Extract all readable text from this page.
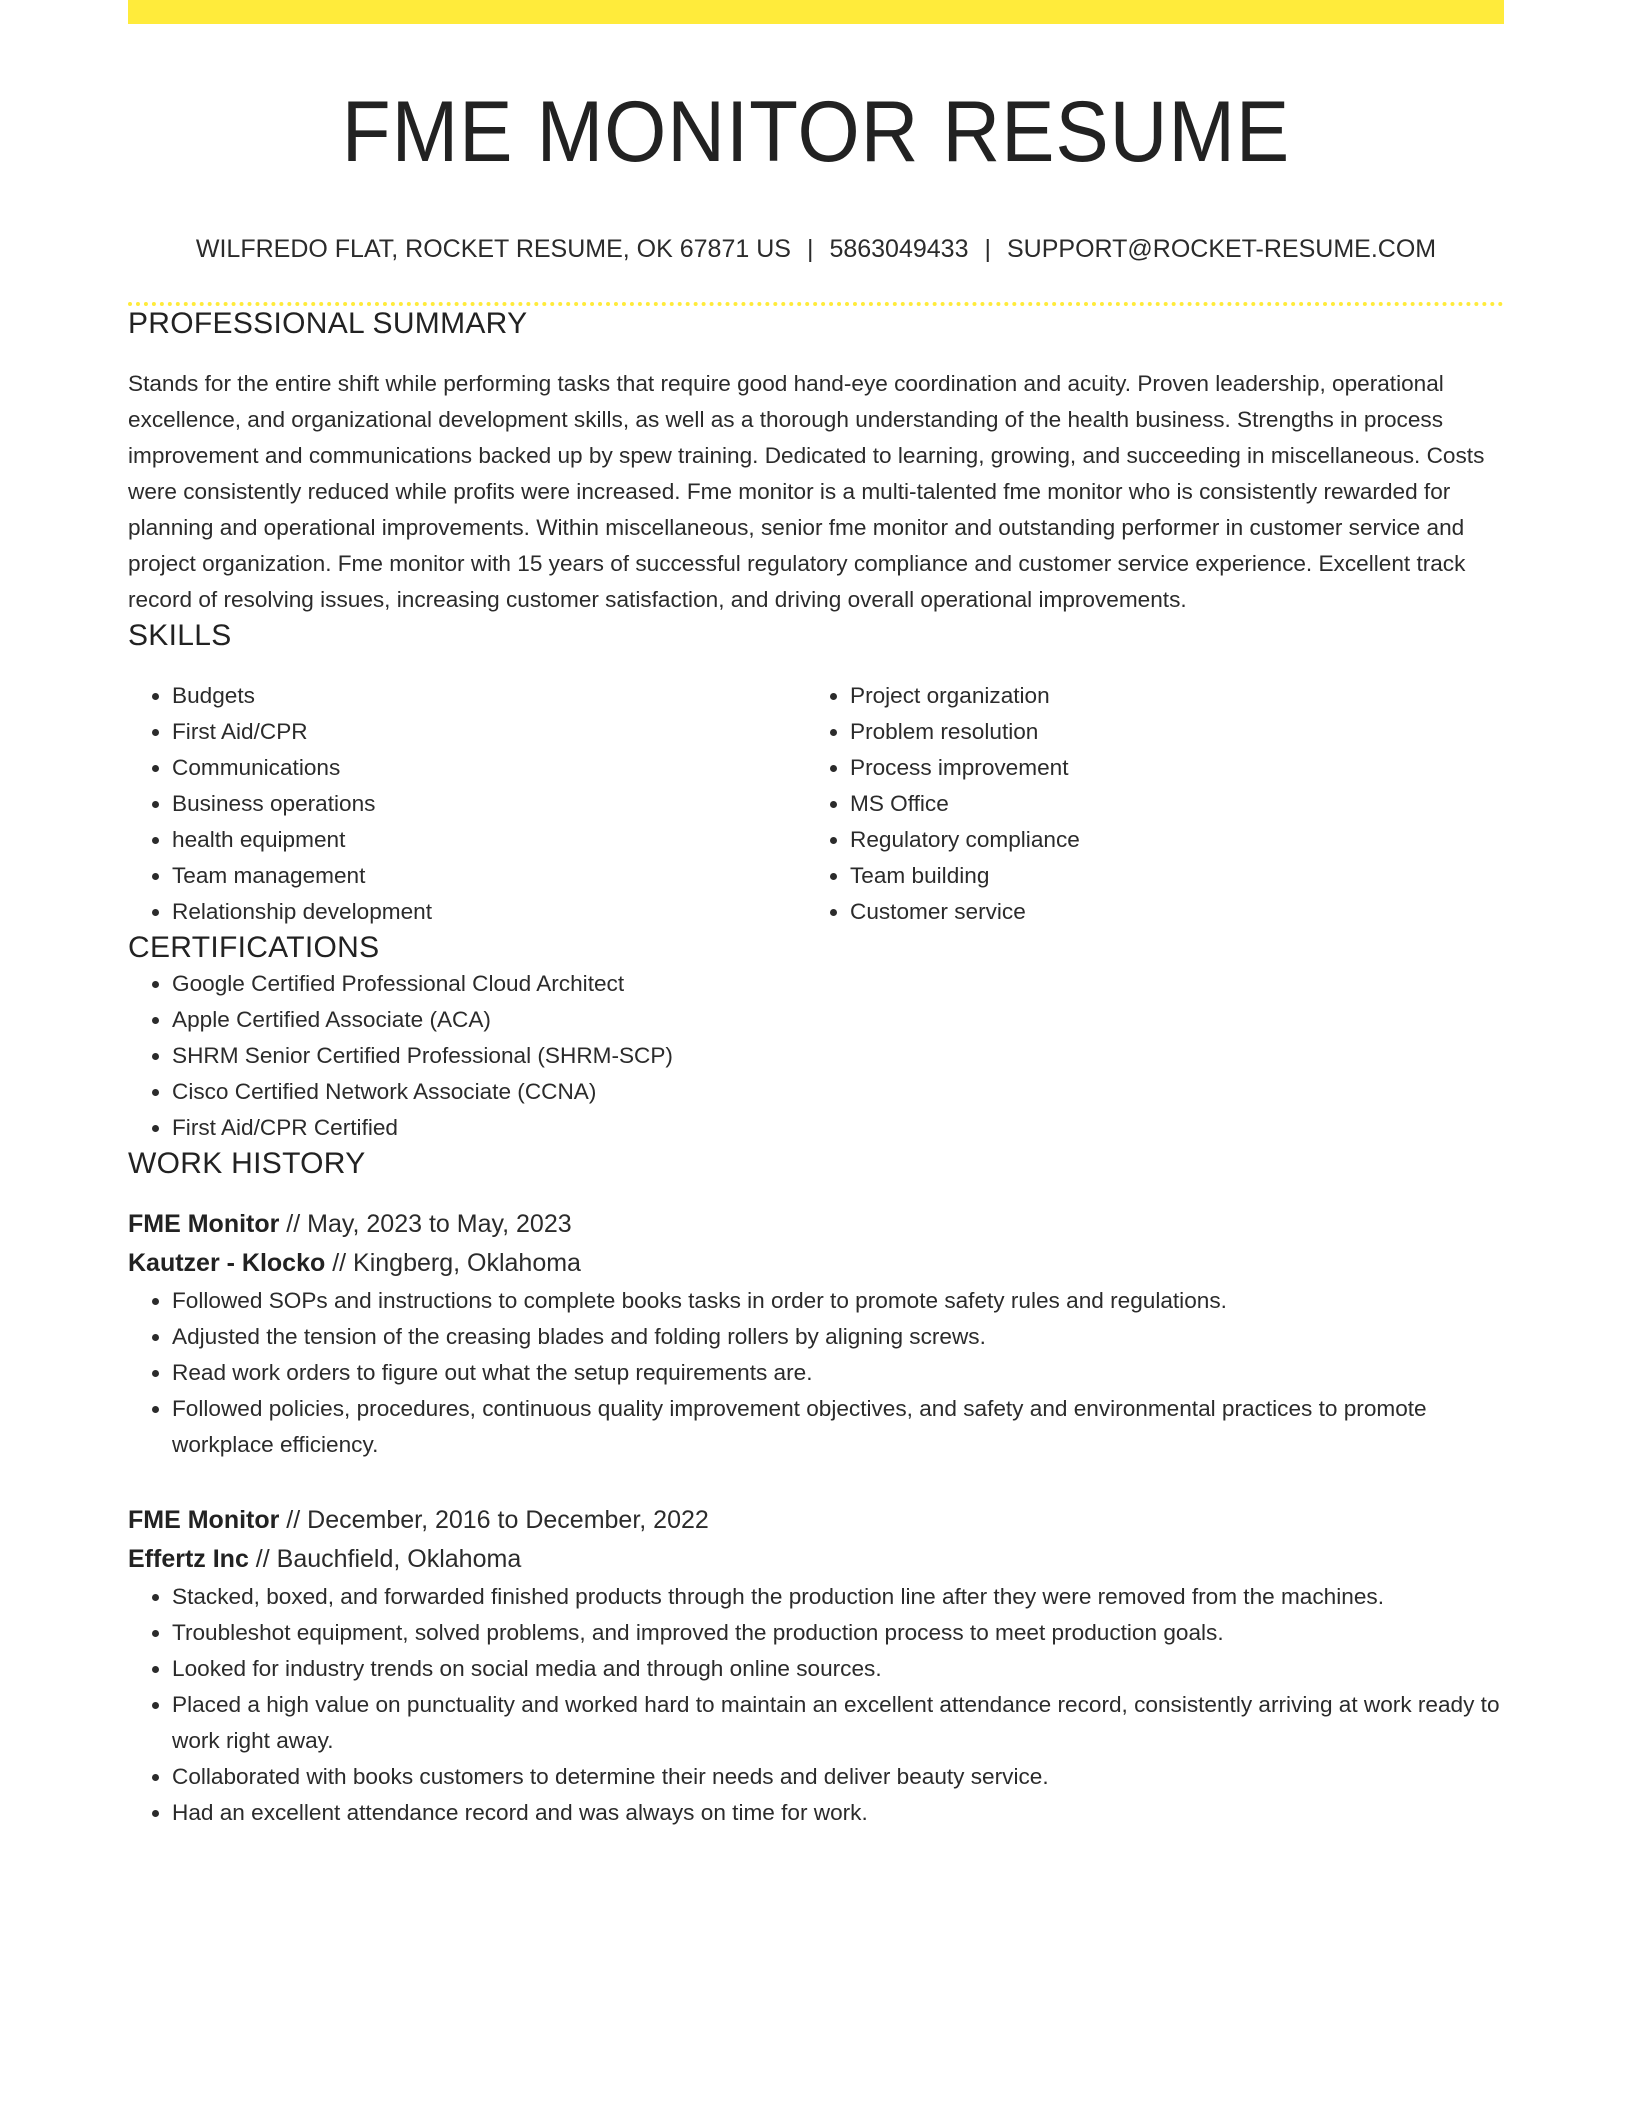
FME MONITOR RESUME
WILFREDO FLAT, ROCKET RESUME, OK 67871 US | 5863049433 | SUPPORT@ROCKET-RESUME.COM
PROFESSIONAL SUMMARY
Stands for the entire shift while performing tasks that require good hand-eye coordination and acuity. Proven leadership, operational excellence, and organizational development skills, as well as a thorough understanding of the health business. Strengths in process improvement and communications backed up by spew training. Dedicated to learning, growing, and succeeding in miscellaneous. Costs were consistently reduced while profits were increased. Fme monitor is a multi-talented fme monitor who is consistently rewarded for planning and operational improvements. Within miscellaneous, senior fme monitor and outstanding performer in customer service and project organization. Fme monitor with 15 years of successful regulatory compliance and customer service experience. Excellent track record of resolving issues, increasing customer satisfaction, and driving overall operational improvements.
SKILLS
• Budgets
• First Aid/CPR
• Communications
• Business operations
• health equipment
• Team management
• Relationship development
• Project organization
• Problem resolution
• Process improvement
• MS Office
• Regulatory compliance
• Team building
• Customer service
CERTIFICATIONS
• Google Certified Professional Cloud Architect
• Apple Certified Associate (ACA)
• SHRM Senior Certified Professional (SHRM-SCP)
• Cisco Certified Network Associate (CCNA)
• First Aid/CPR Certified
WORK HISTORY
FME Monitor // May, 2023 to May, 2023
Kautzer - Klocko // Kingberg, Oklahoma
• Followed SOPs and instructions to complete books tasks in order to promote safety rules and regulations.
• Adjusted the tension of the creasing blades and folding rollers by aligning screws.
• Read work orders to figure out what the setup requirements are.
• Followed policies, procedures, continuous quality improvement objectives, and safety and environmental practices to promote workplace efficiency.
FME Monitor // December, 2016 to December, 2022
Effertz Inc // Bauchfield, Oklahoma
• Stacked, boxed, and forwarded finished products through the production line after they were removed from the machines.
• Troubleshot equipment, solved problems, and improved the production process to meet production goals.
• Looked for industry trends on social media and through online sources.
• Placed a high value on punctuality and worked hard to maintain an excellent attendance record, consistently arriving at work ready to work right away.
• Collaborated with books customers to determine their needs and deliver beauty service.
• Had an excellent attendance record and was always on time for work.
